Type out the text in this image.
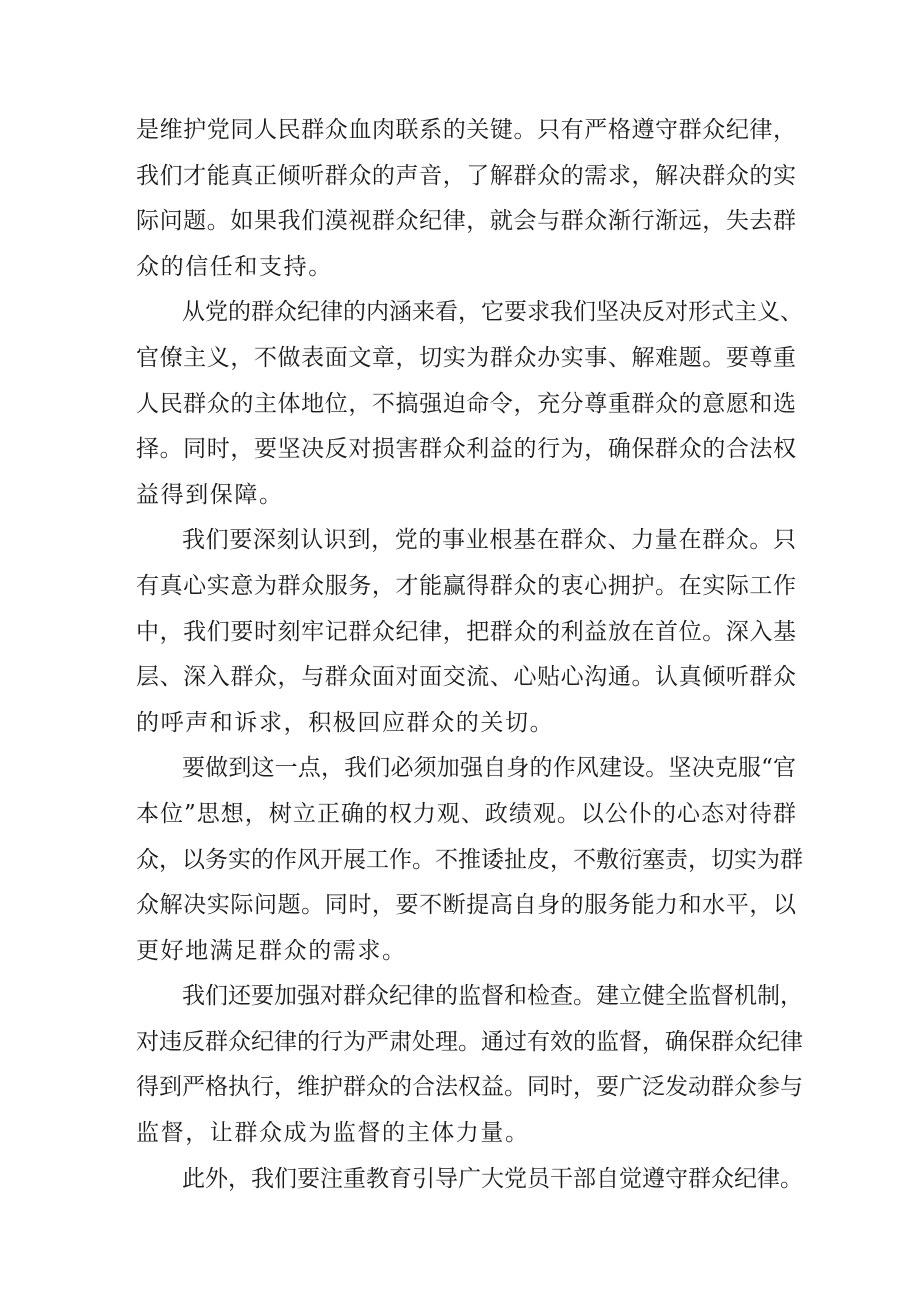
是维护党同人民群众血肉联系的关键。只有严格遵守群众纪律，
我们才能真正倾听群众的声音，了解群众的需求，解决群众的实
际问题。如果我们漠视群众纪律，就会与群众渐行渐远，失去群
众的信任和支持。
从党的群众纪律的内涵来看，它要求我们坚决反对形式主义、
官僚主义，不做表面文章，切实为群众办实事、解难题。要尊重
人民群众的主体地位，不搞强迫命令，充分尊重群众的意愿和选
择。同时，要坚决反对损害群众利益的行为，确保群众的合法权
益得到保障。
我们要深刻认识到，党的事业根基在群众、力量在群众。只
有真心实意为群众服务，才能赢得群众的衷心拥护。在实际工作
中，我们要时刻牢记群众纪律，把群众的利益放在首位。深入基
层、深入群众，与群众面对面交流、心贴心沟通。认真倾听群众
的呼声和诉求，积极回应群众的关切。
要做到这一点，我们必须加强自身的作风建设。坚决克服“官
本位”思想，树立正确的权力观、政绩观。以公仆的心态对待群
众，以务实的作风开展工作。不推诿扯皮，不敷衍塞责，切实为群
众解决实际问题。同时，要不断提高自身的服务能力和水平，以
更好地满足群众的需求。
我们还要加强对群众纪律的监督和检查。建立健全监督机制，
对违反群众纪律的行为严肃处理。通过有效的监督，确保群众纪律
得到严格执行，维护群众的合法权益。同时，要广泛发动群众参与
监督，让群众成为监督的主体力量。
此外，我们要注重教育引导广大党员干部自觉遵守群众纪律。
